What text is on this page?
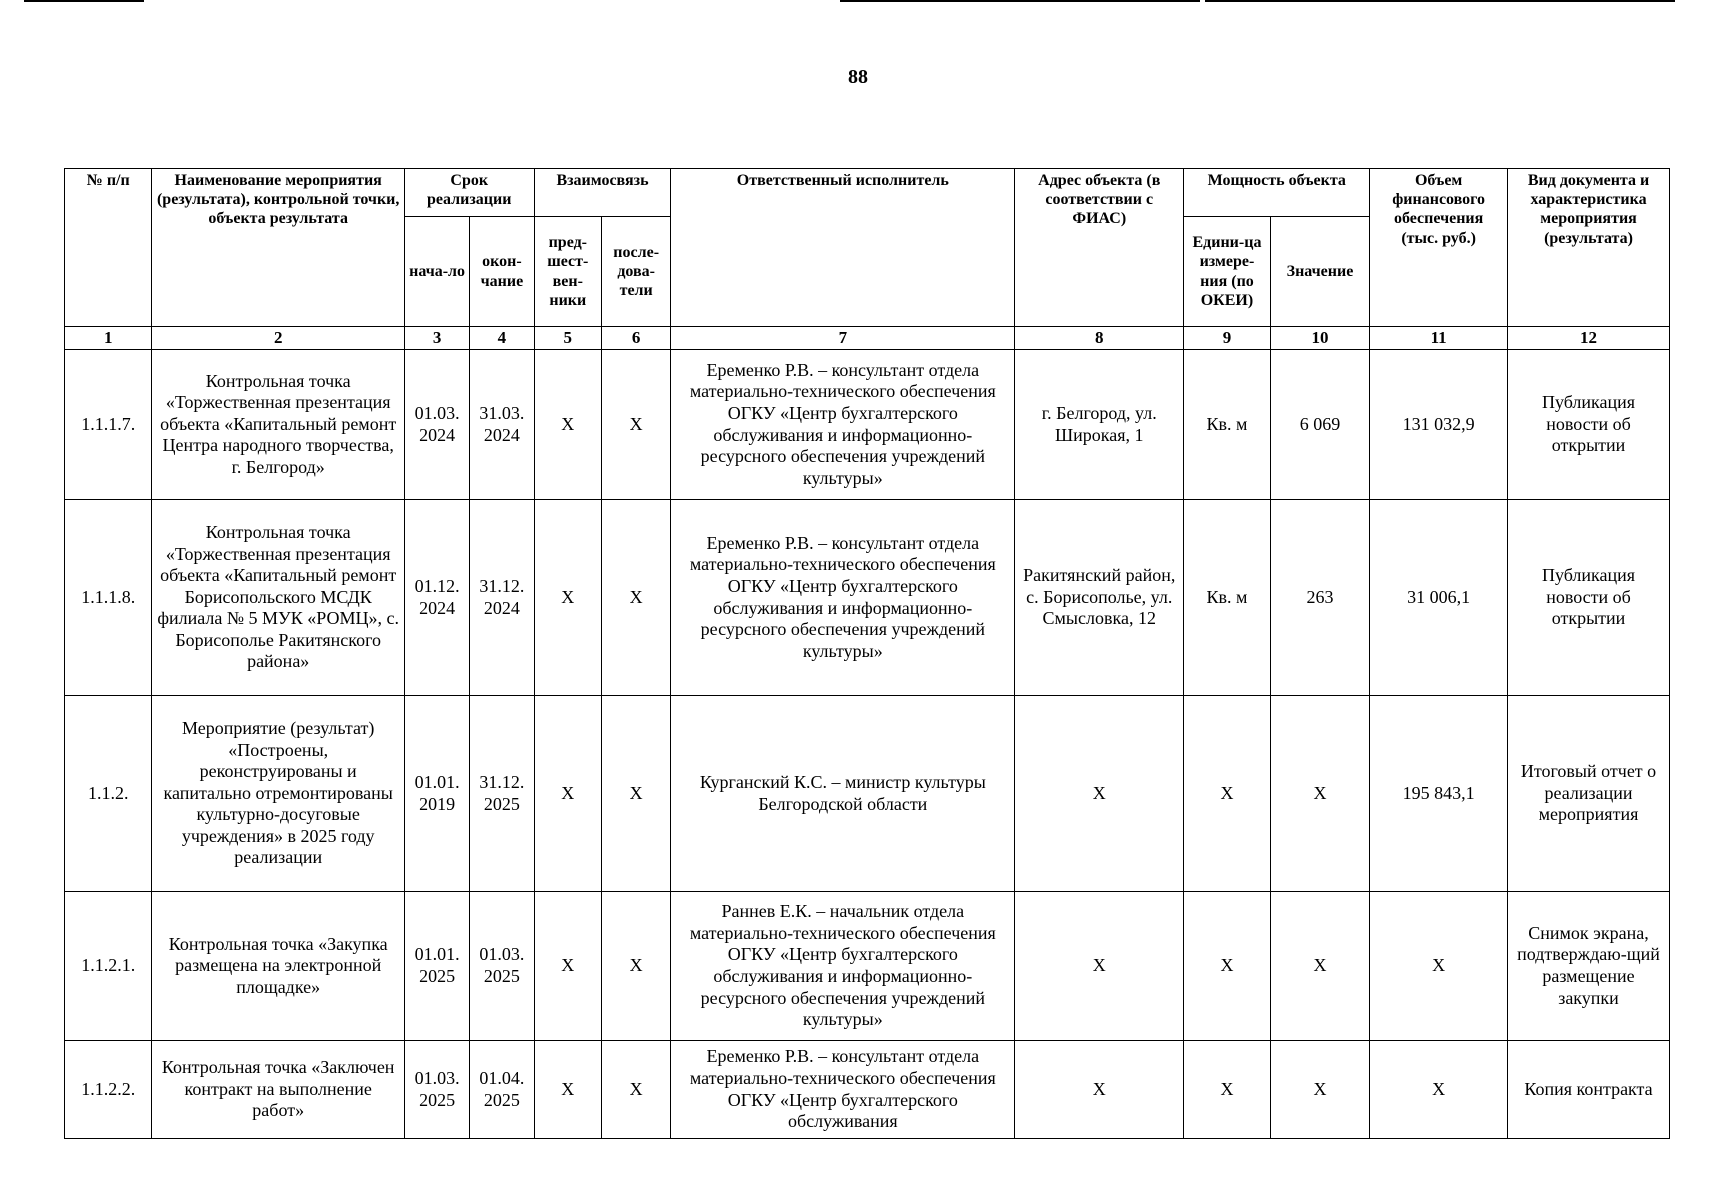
88
№ п/п	Наименование мероприятия (результата), контрольной точки, объекта результата	Срок реализации		Взаимосвязь		Ответственный исполнитель	Адрес объекта (в соответствии с ФИАС)	Мощность объекта		Объем финансового обеспечения (тыс. руб.)	Вид документа и характеристика мероприятия (результата)
		нача-ло	окон-чание	пред-шест-вен-ники	после-дова-тели			Едини-ца измере-ния (по ОКЕИ)	Значение		
1	2	3	4	5	6	7	8	9	10	11	12
1.1.1.7.	Контрольная точка «Торжественная презентация объекта «Капитальный ремонт Центра народного творчества, г. Белгород»	01.03. 2024	31.03. 2024	Х	Х	Еременко Р.В. – консультант отдела материально-технического обеспечения ОГКУ «Центр бухгалтерского обслуживания и информационно-ресурсного обеспечения учреждений культуры»	г. Белгород, ул. Широкая, 1	Кв. м	6 069	131 032,9	Публикация новости об открытии
1.1.1.8.	Контрольная точка «Торжественная презентация объекта «Капитальный ремонт Борисопольского МСДК филиала № 5 МУК «РОМЦ», с. Борисополье Ракитянского района»	01.12. 2024	31.12. 2024	Х	Х	Еременко Р.В. – консультант отдела материально-технического обеспечения ОГКУ «Центр бухгалтерского обслуживания и информационно-ресурсного обеспечения учреждений культуры»	Ракитянский район, с. Борисополье, ул. Смысловка, 12	Кв. м	263	31 006,1	Публикация новости об открытии
1.1.2.	Мероприятие (результат) «Построены, реконструированы и капитально отремонтированы культурно-досуговые учреждения» в 2025 году реализации	01.01. 2019	31.12. 2025	Х	Х	Курганский К.С. – министр культуры Белгородской области	Х	Х	Х	195 843,1	Итоговый отчет о реализации мероприятия
1.1.2.1.	Контрольная точка «Закупка размещена на электронной площадке»	01.01. 2025	01.03. 2025	Х	Х	Раннев Е.К. – начальник отдела материально-технического обеспечения ОГКУ «Центр бухгалтерского обслуживания и информационно-ресурсного обеспечения учреждений культуры»	Х	Х	Х	Х	Снимок экрана, подтверждаю-щий размещение закупки
1.1.2.2.	Контрольная точка «Заключен контракт на выполнение работ»	01.03. 2025	01.04. 2025	Х	Х	Еременко Р.В. – консультант отдела материально-технического обеспечения ОГКУ «Центр бухгалтерского обслуживания	Х	Х	Х	Х	Копия контракта
